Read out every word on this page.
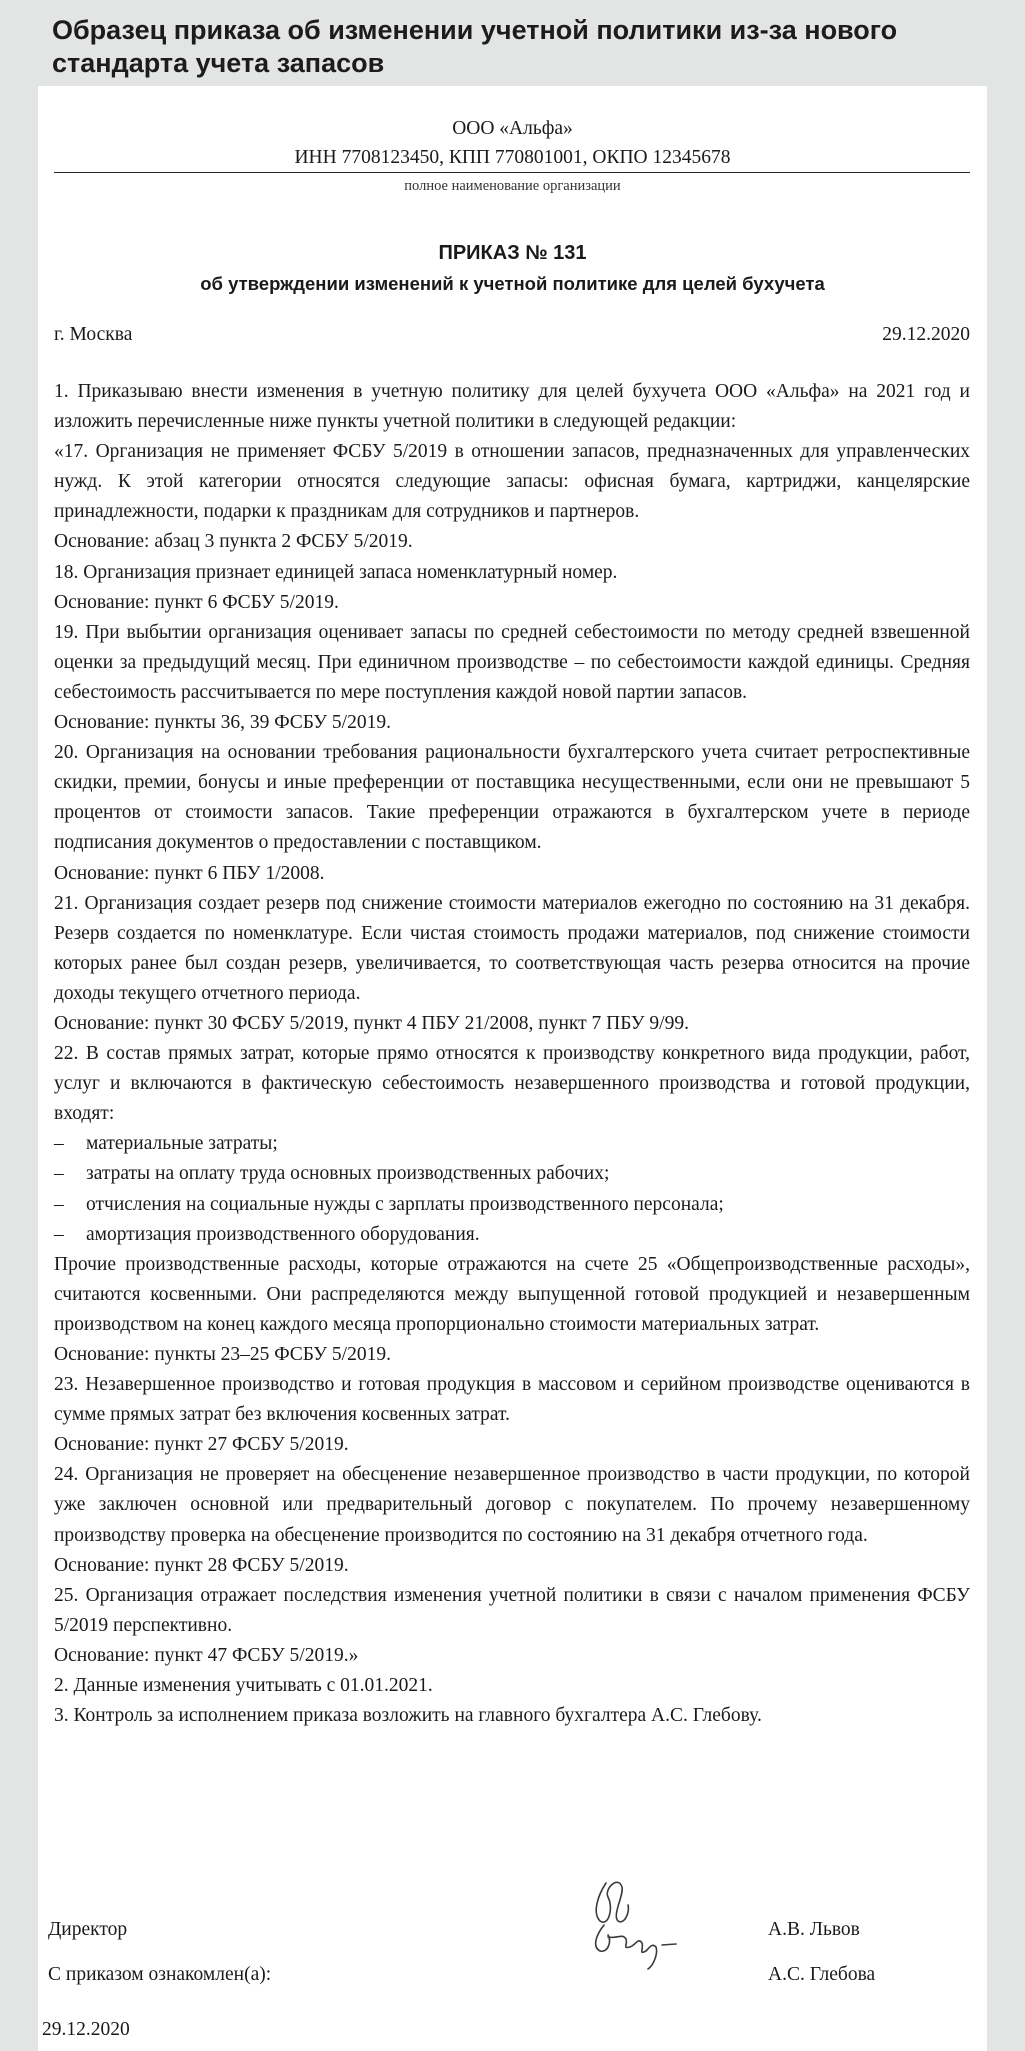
Образец приказа об изменении учетной политики из-за нового стандарта учета запасов
ООО «Альфа»
ИНН 7708123450, КПП 770801001, ОКПО 12345678
полное наименование организации
ПРИКАЗ № 131
об утверждении изменений к учетной политике для целей бухучета
г. Москва	29.12.2020

1. Приказываю внести изменения в учетную политику для целей бухучета ООО «Альфа» на 2021 год и изложить перечисленные ниже пункты учетной политики в следующей редакции:

«17. Организация не применяет ФСБУ 5/2019 в отношении запасов, предназначенных для управленческих нужд. К этой категории относятся следующие запасы: офисная бумага, картриджи, канцелярские принадлежности, подарки к праздникам для сотрудников и партнеров.

Основание: абзац 3 пункта 2 ФСБУ 5/2019.

18. Организация признает единицей запаса номенклатурный номер.

Основание: пункт 6 ФСБУ 5/2019.

19. При выбытии организация оценивает запасы по средней себестоимости по методу средней взвешенной оценки за предыдущий месяц. При единичном производстве – по себестоимости каждой единицы. Средняя себестоимость рассчитывается по мере поступления каждой новой партии запасов.

Основание: пункты 36, 39 ФСБУ 5/2019.

20. Организация на основании требования рациональности бухгалтерского учета считает ретроспективные скидки, премии, бонусы и иные преференции от поставщика несущественными, если они не превышают 5 процентов от стоимости запасов. Такие преференции отражаются в бухгалтерском учете в периоде подписания документов о предоставлении с поставщиком.

Основание: пункт 6 ПБУ 1/2008.

21. Организация создает резерв под снижение стоимости материалов ежегодно по состоянию на 31 декабря. Резерв создается по номенклатуре. Если чистая стоимость продажи материалов, под снижение стоимости которых ранее был создан резерв, увеличивается, то соответствующая часть резерва относится на прочие доходы текущего отчетного периода.

Основание: пункт 30 ФСБУ 5/2019, пункт 4 ПБУ 21/2008, пункт 7 ПБУ 9/99.

22. В состав прямых затрат, которые прямо относятся к производству конкретного вида продукции, работ, услуг и включаются в фактическую себестоимость незавершенного производства и готовой продукции, входят:

–	материальные затраты;
–	затраты на оплату труда основных производственных рабочих;
–	отчисления на социальные нужды с зарплаты производственного персонала;
–	амортизация производственного оборудования.

Прочие производственные расходы, которые отражаются на счете 25 «Общепроизводственные расходы», считаются косвенными. Они распределяются между выпущенной готовой продукцией и незавершенным производством на конец каждого месяца пропорционально стоимости материальных затрат.

Основание: пункты 23–25 ФСБУ 5/2019.

23. Незавершенное производство и готовая продукция в массовом и серийном производстве оцениваются в сумме прямых затрат без включения косвенных затрат.

Основание: пункт 27 ФСБУ 5/2019.

24. Организация не проверяет на обесценение незавершенное производство в части продукции, по которой уже заключен основной или предварительный договор с покупателем. По прочему незавершенному производству проверка на обесценение производится по состоянию на 31 декабря отчетного года.

Основание: пункт 28 ФСБУ 5/2019.

25. Организация отражает последствия изменения учетной политики в связи с началом применения ФСБУ 5/2019 перспективно.

Основание: пункт 47 ФСБУ 5/2019.»

2. Данные изменения учитывать с 01.01.2021.

3. Контроль за исполнением приказа возложить на главного бухгалтера А.С. Глебову.

Директор	А.В. Львов
С приказом ознакомлен(а):	А.С. Глебова
29.12.2020
